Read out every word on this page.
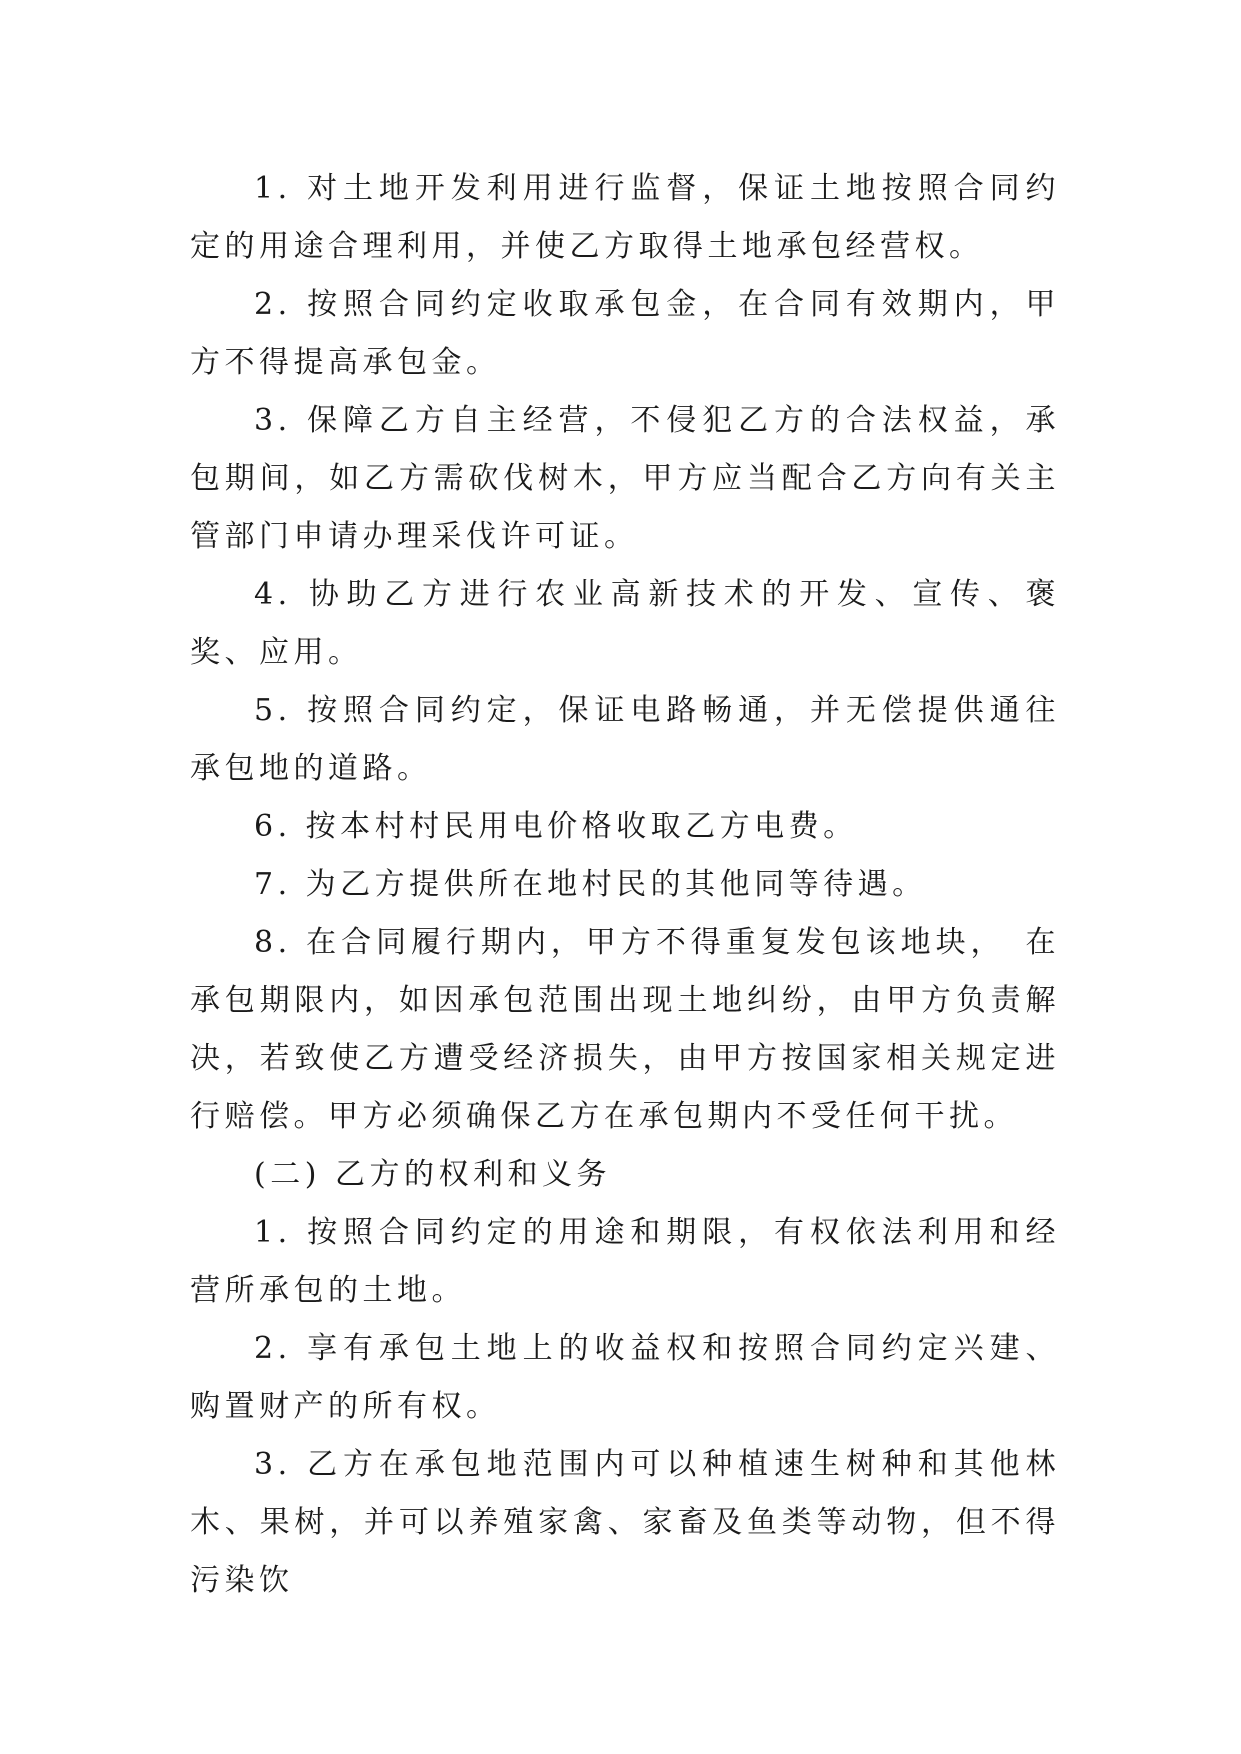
1. 对土地开发利用进行监督，保证土地按照合同约定的用途合理利用，并使乙方取得土地承包经营权。

2. 按照合同约定收取承包金，在合同有效期内，甲方不得提高承包金。

3. 保障乙方自主经营，不侵犯乙方的合法权益，承包期间，如乙方需砍伐树木，甲方应当配合乙方向有关主管部门申请办理采伐许可证。

4. 协助乙方进行农业高新技术的开发、宣传、褒奖、应用。

5. 按照合同约定，保证电路畅通，并无偿提供通往承包地的道路。

6. 按本村村民用电价格收取乙方电费。

7. 为乙方提供所在地村民的其他同等待遇。

8. 在合同履行期内，甲方不得重复发包该地块，　在承包期限内，如因承包范围出现土地纠纷，由甲方负责解决，若致使乙方遭受经济损失，由甲方按国家相关规定进行赔偿。甲方必须确保乙方在承包期内不受任何干扰。

(二) 乙方的权利和义务

1. 按照合同约定的用途和期限，有权依法利用和经营所承包的土地。

2. 享有承包土地上的收益权和按照合同约定兴建、购置财产的所有权。

3. 乙方在承包地范围内可以种植速生树种和其他林木、果树，并可以养殖家禽、家畜及鱼类等动物，但不得污染饮
